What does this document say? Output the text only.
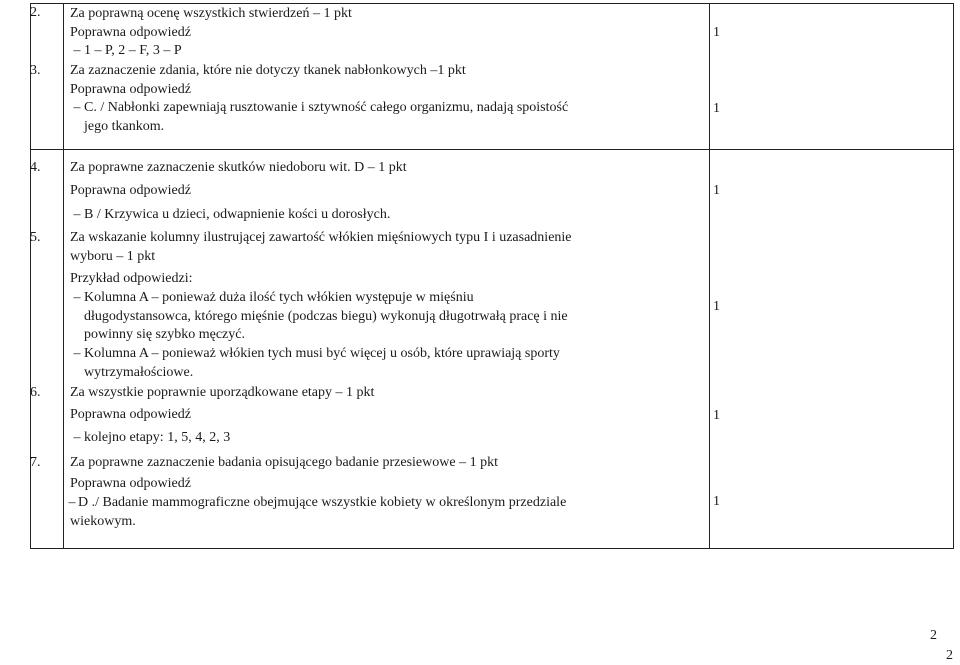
2. Za poprawną ocenę wszystkich stwierdzeń – 1 pkt
Poprawna odpowiedź
– 1 – P, 2 – F, 3 – P
1
3. Za zaznaczenie zdania, które nie dotyczy tkanek nabłonkowych –1 pkt
Poprawna odpowiedź
– C. / Nabłonki zapewniają rusztowanie i sztywność całego organizmu, nadają spoistość
jego tkankom.
1
4. Za poprawne zaznaczenie skutków niedoboru wit. D – 1 pkt
Poprawna odpowiedź
– B / Krzywica u dzieci, odwapnienie kości u dorosłych.
1
5. Za wskazanie kolumny ilustrującej zawartość włókien mięśniowych typu I i uzasadnienie
wyboru – 1 pkt
Przykład odpowiedzi:
– Kolumna A – ponieważ duża ilość tych włókien występuje w mięśniu
długodystansowca, którego mięśnie (podczas biegu) wykonują długotrwałą pracę i nie
powinny się szybko męczyć.
– Kolumna A – ponieważ włókien tych musi być więcej u osób, które uprawiają sporty
wytrzymałościowe.
1
6. Za wszystkie poprawnie uporządkowane etapy – 1 pkt
Poprawna odpowiedź
– kolejno etapy: 1, 5, 4, 2, 3
1
7. Za poprawne zaznaczenie badania opisującego badanie przesiewowe – 1 pkt
Poprawna odpowiedź
– D ./ Badanie mammograficzne obejmujące wszystkie kobiety w określonym przedziale
wiekowym.
1
2
2
